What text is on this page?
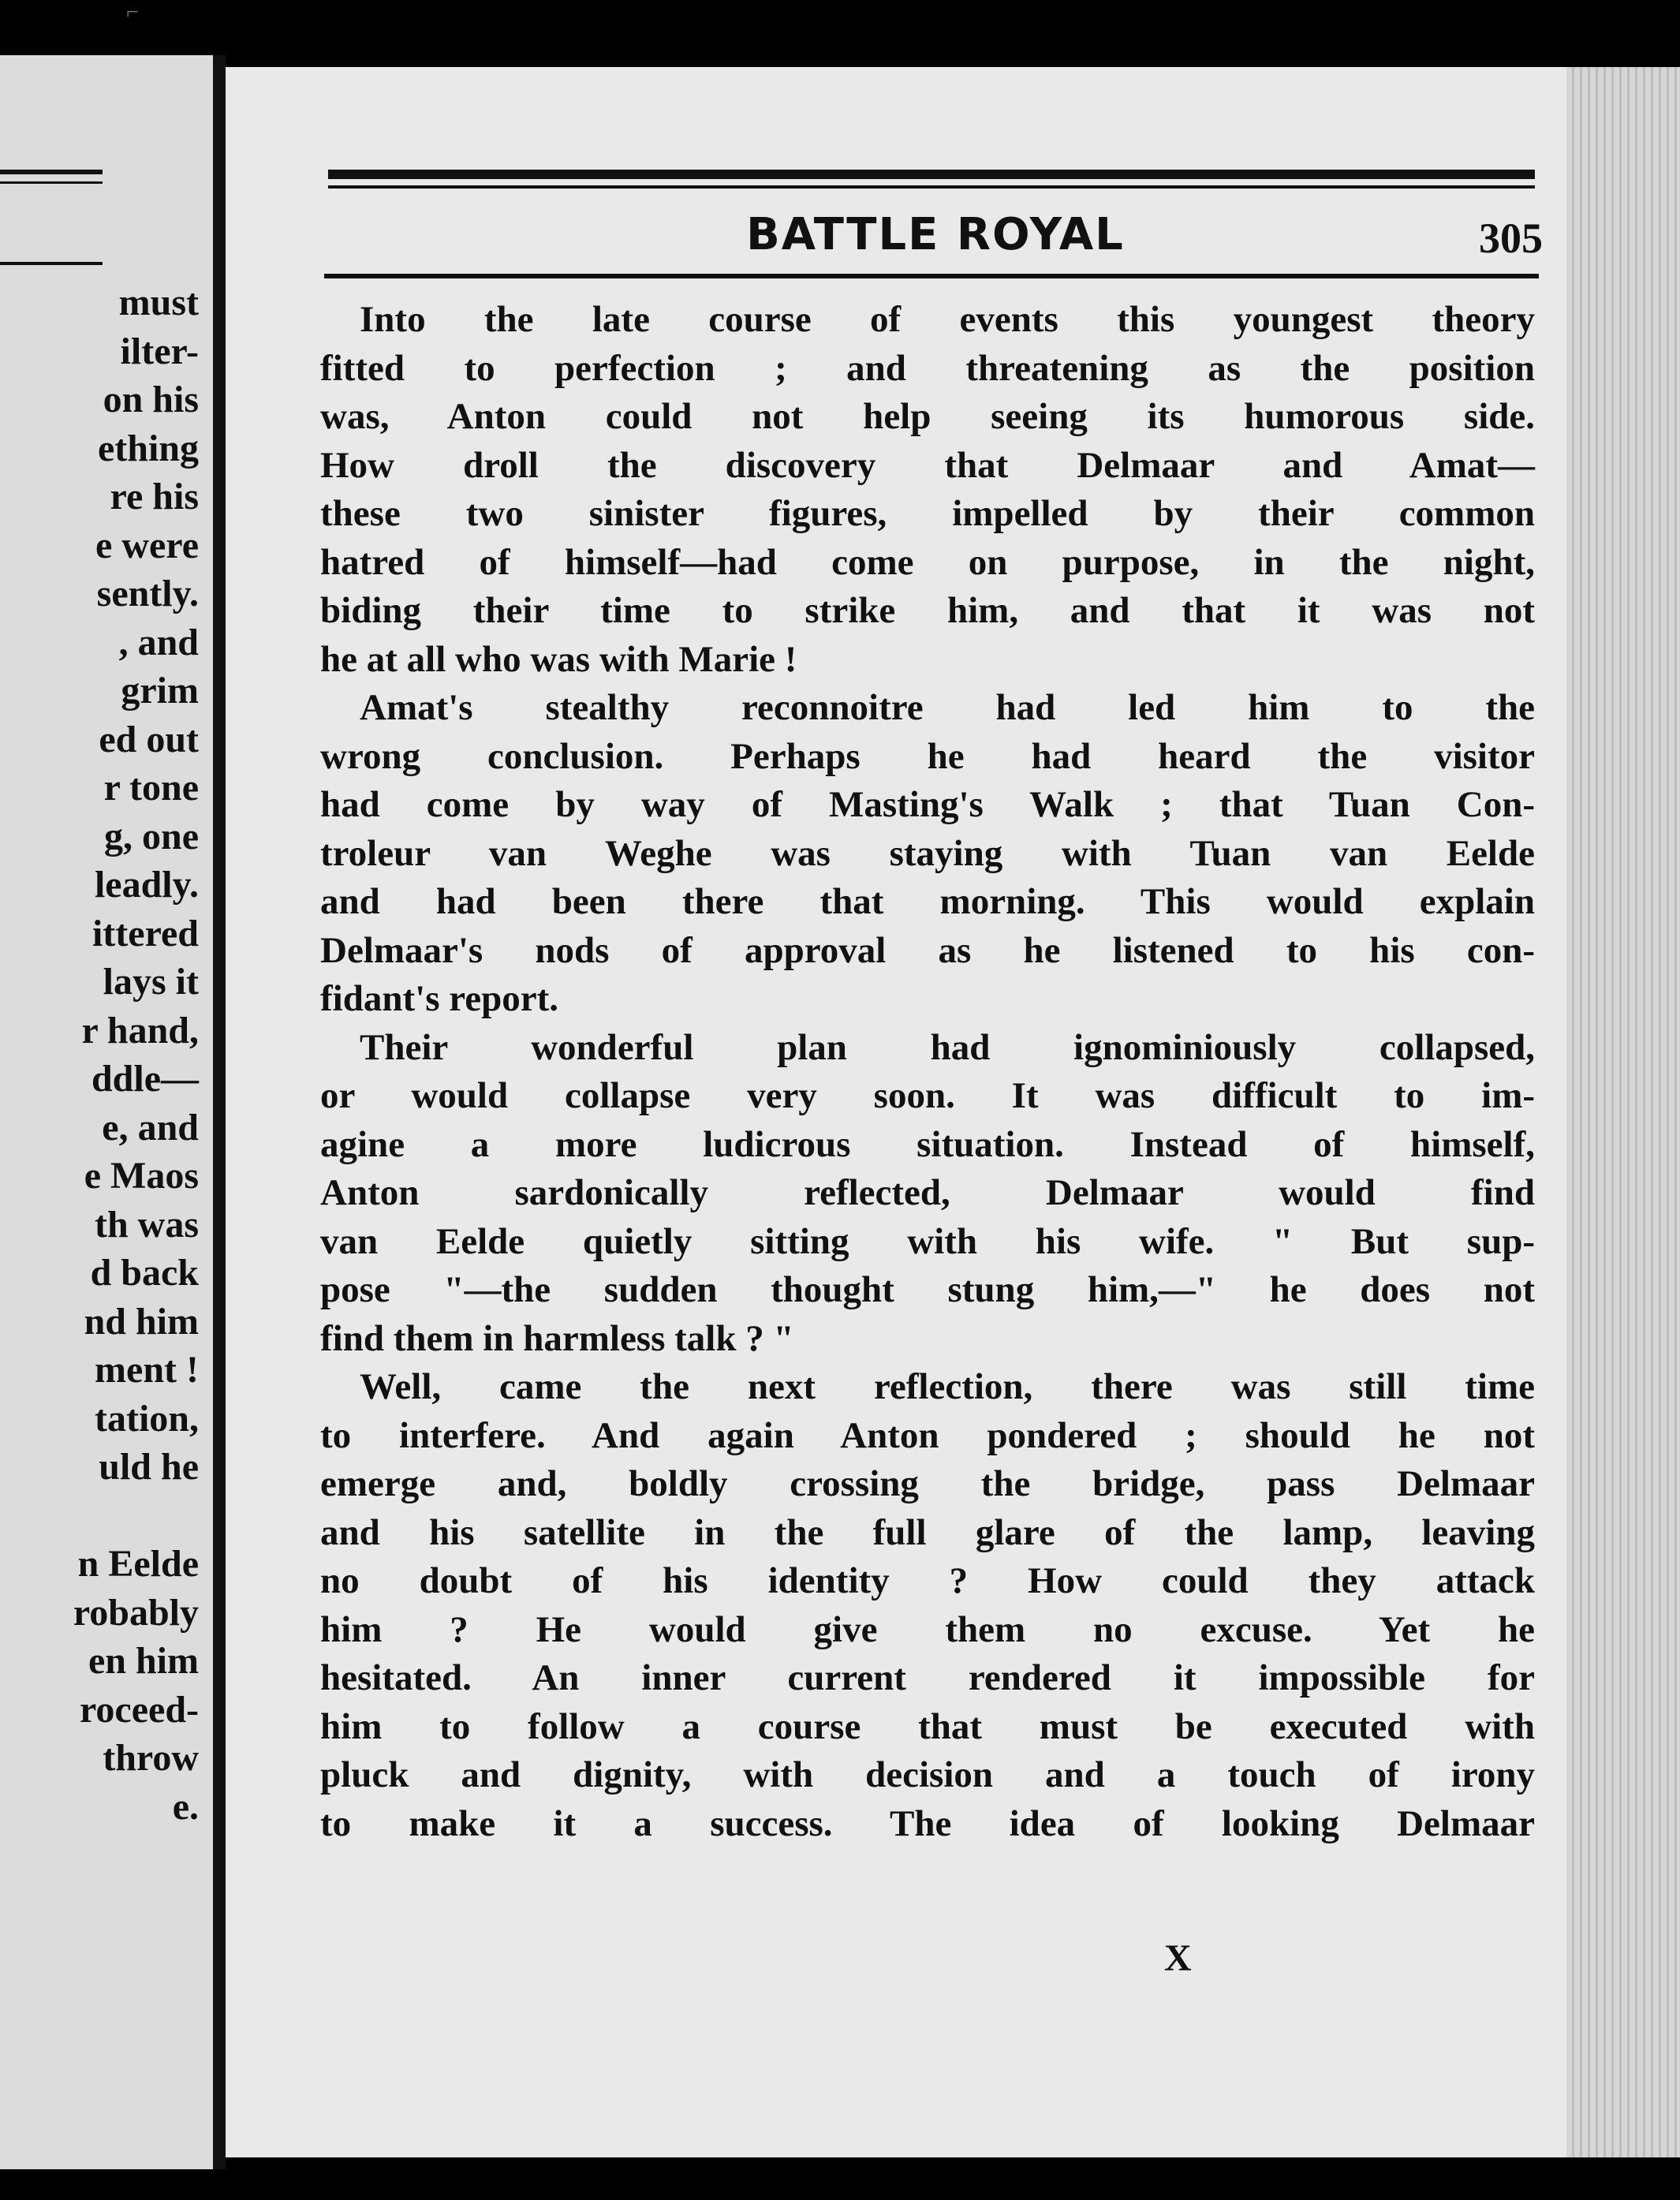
⌐
must
ilter-
on his
ething
re his
e were
sently.
, and
grim
ed out
r tone
g, one
leadly.
ittered
lays it
r hand,
ddle—
e, and
e Maos
th was
d back
nd him
ment !
tation,
uld he
n Eelde
robably
en him
roceed-
throw
e.
BATTLE ROYAL	305
Into the late course of events this youngest theory
fitted to perfection ; and threatening as the position
was, Anton could not help seeing its humorous side.
How droll the discovery that Delmaar and Amat—
these two sinister figures, impelled by their common
hatred of himself—had come on purpose, in the night,
biding their time to strike him, and that it was not
he at all who was with Marie !
Amat's stealthy reconnoitre had led him to the
wrong conclusion. Perhaps he had heard the visitor
had come by way of Masting's Walk ; that Tuan Con-
troleur van Weghe was staying with Tuan van Eelde
and had been there that morning. This would explain
Delmaar's nods of approval as he listened to his con-
fidant's report.
Their wonderful plan had ignominiously collapsed,
or would collapse very soon. It was difficult to im-
agine a more ludicrous situation. Instead of himself,
Anton sardonically reflected, Delmaar would find
van Eelde quietly sitting with his wife. " But sup-
pose "—the sudden thought stung him,—" he does not
find them in harmless talk ? "
Well, came the next reflection, there was still time
to interfere. And again Anton pondered ; should he not
emerge and, boldly crossing the bridge, pass Delmaar
and his satellite in the full glare of the lamp, leaving
no doubt of his identity ? How could they attack
him ? He would give them no excuse. Yet he
hesitated. An inner current rendered it impossible for
him to follow a course that must be executed with
pluck and dignity, with decision and a touch of irony
to make it a success. The idea of looking Delmaar
X
